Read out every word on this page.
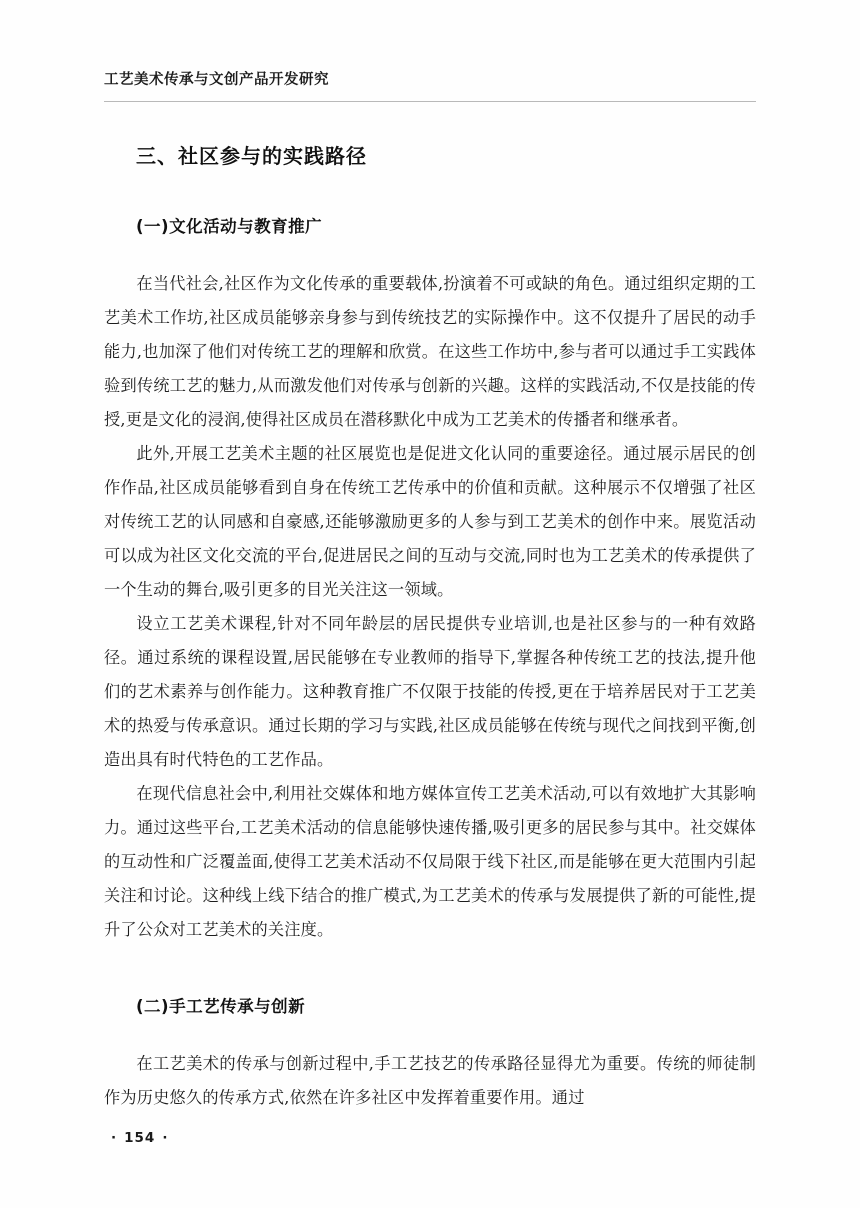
工艺美术传承与文创产品开发研究
三、社区参与的实践路径
(一)文化活动与教育推广

在当代社会,社区作为文化传承的重要载体,扮演着不可或缺的角色。通过组织定期的工艺美术工作坊,社区成员能够亲身参与到传统技艺的实际操作中。这不仅提升了居民的动手能力,也加深了他们对传统工艺的理解和欣赏。在这些工作坊中,参与者可以通过手工实践体验到传统工艺的魅力,从而激发他们对传承与创新的兴趣。这样的实践活动,不仅是技能的传授,更是文化的浸润,使得社区成员在潜移默化中成为工艺美术的传播者和继承者。

此外,开展工艺美术主题的社区展览也是促进文化认同的重要途径。通过展示居民的创作作品,社区成员能够看到自身在传统工艺传承中的价值和贡献。这种展示不仅增强了社区对传统工艺的认同感和自豪感,还能够激励更多的人参与到工艺美术的创作中来。展览活动可以成为社区文化交流的平台,促进居民之间的互动与交流,同时也为工艺美术的传承提供了一个生动的舞台,吸引更多的目光关注这一领域。

设立工艺美术课程,针对不同年龄层的居民提供专业培训,也是社区参与的一种有效路径。通过系统的课程设置,居民能够在专业教师的指导下,掌握各种传统工艺的技法,提升他们的艺术素养与创作能力。这种教育推广不仅限于技能的传授,更在于培养居民对于工艺美术的热爱与传承意识。通过长期的学习与实践,社区成员能够在传统与现代之间找到平衡,创造出具有时代特色的工艺作品。

在现代信息社会中,利用社交媒体和地方媒体宣传工艺美术活动,可以有效地扩大其影响力。通过这些平台,工艺美术活动的信息能够快速传播,吸引更多的居民参与其中。社交媒体的互动性和广泛覆盖面,使得工艺美术活动不仅局限于线下社区,而是能够在更大范围内引起关注和讨论。这种线上线下结合的推广模式,为工艺美术的传承与发展提供了新的可能性,提升了公众对工艺美术的关注度。

(二)手工艺传承与创新

在工艺美术的传承与创新过程中,手工艺技艺的传承路径显得尤为重要。传统的师徒制作为历史悠久的传承方式,依然在许多社区中发挥着重要作用。通过

· 154 ·
